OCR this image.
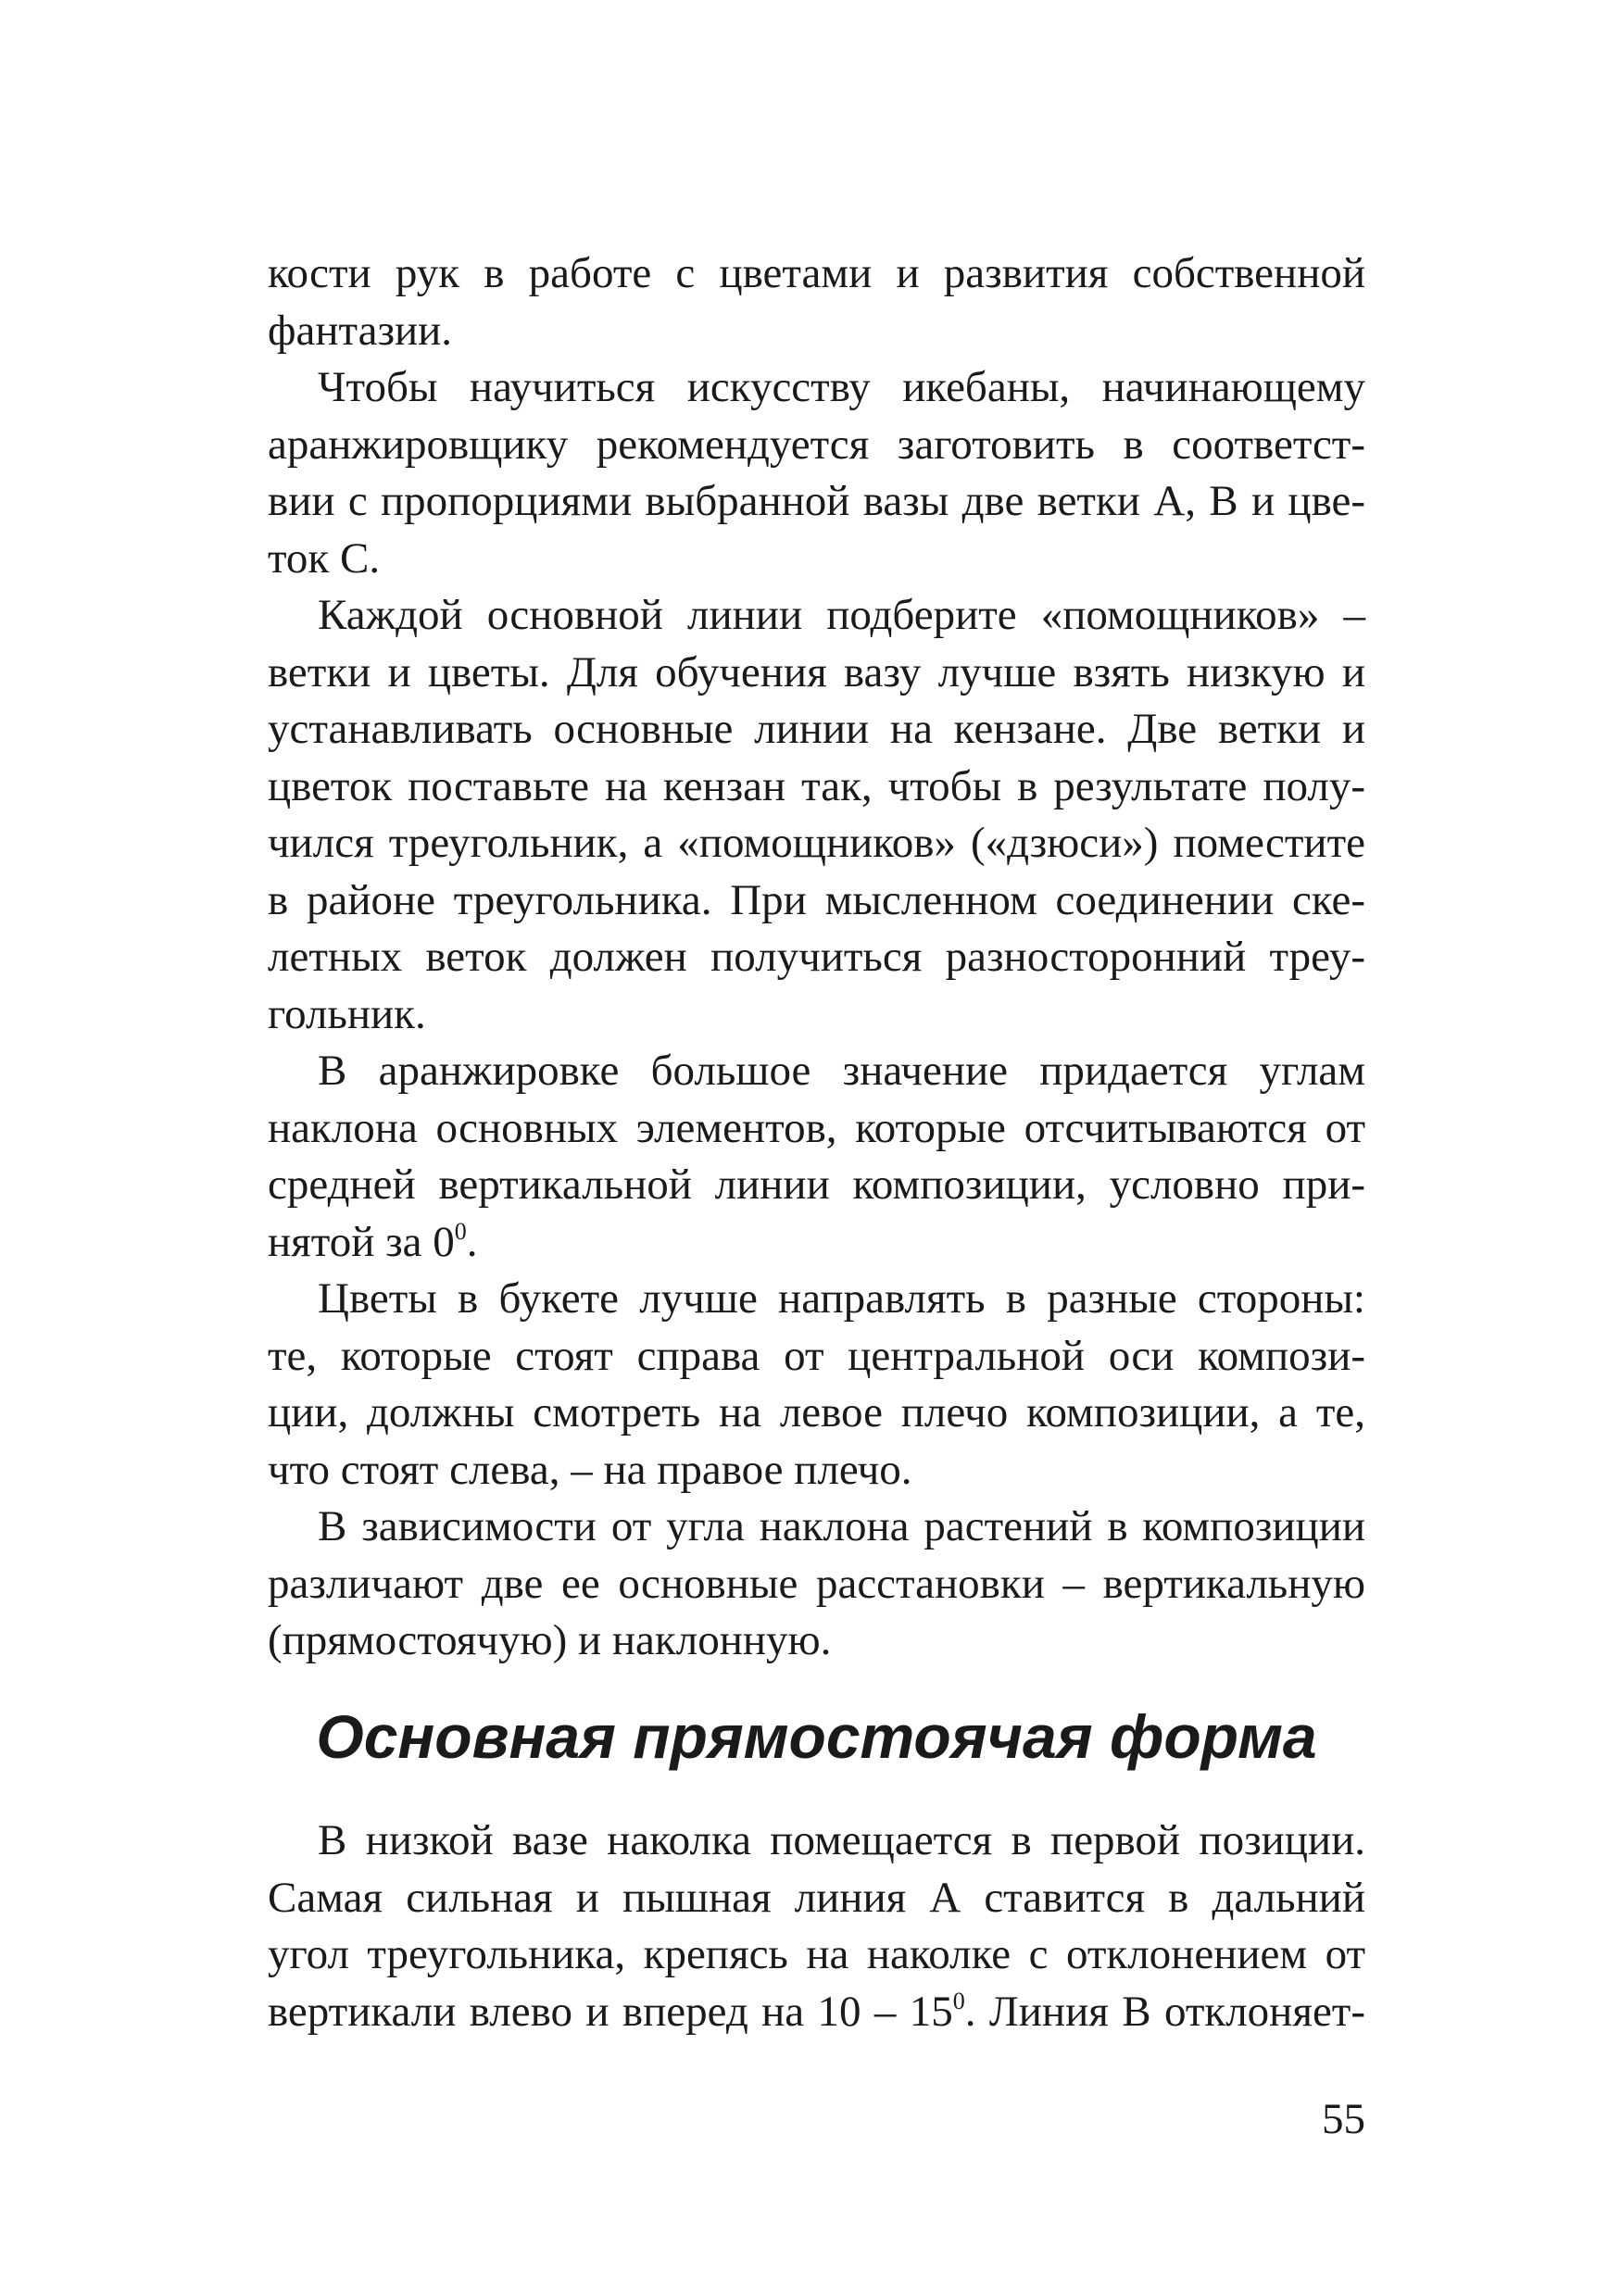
кости рук в работе с цветами и развития собственной
фантазии.
Чтобы научиться искусству икебаны, начинающему
аранжировщику рекомендуется заготовить в соответст-
вии с пропорциями выбранной вазы две ветки А, В и цве-
ток С.
Каждой основной линии подберите «помощников» –
ветки и цветы. Для обучения вазу лучше взять низкую и
устанавливать основные линии на кензане. Две ветки и
цветок поставьте на кензан так, чтобы в результате полу-
чился треугольник, а «помощников» («дзюси») поместите
в районе треугольника. При мысленном соединении ске-
летных веток должен получиться разносторонний треу-
гольник.
В аранжировке большое значение придается углам
наклона основных элементов, которые отсчитываются от
средней вертикальной линии композиции, условно при-
нятой за $0^0$.
Цветы в букете лучше направлять в разные стороны:
те, которые стоят справа от центральной оси компози-
ции, должны смотреть на левое плечо композиции, а те,
что стоят слева, – на правое плечо.
В зависимости от угла наклона растений в композиции
различают две ее основные расстановки – вертикальную
(прямостоячую) и наклонную.
Основная прямостоячая форма
В низкой вазе наколка помещается в первой позиции.
Самая сильная и пышная линия А ставится в дальний
угол треугольника, крепясь на наколке с отклонением от
вертикали влево и вперед на $10 - 15^0$. Линия В отклоняет-
55
